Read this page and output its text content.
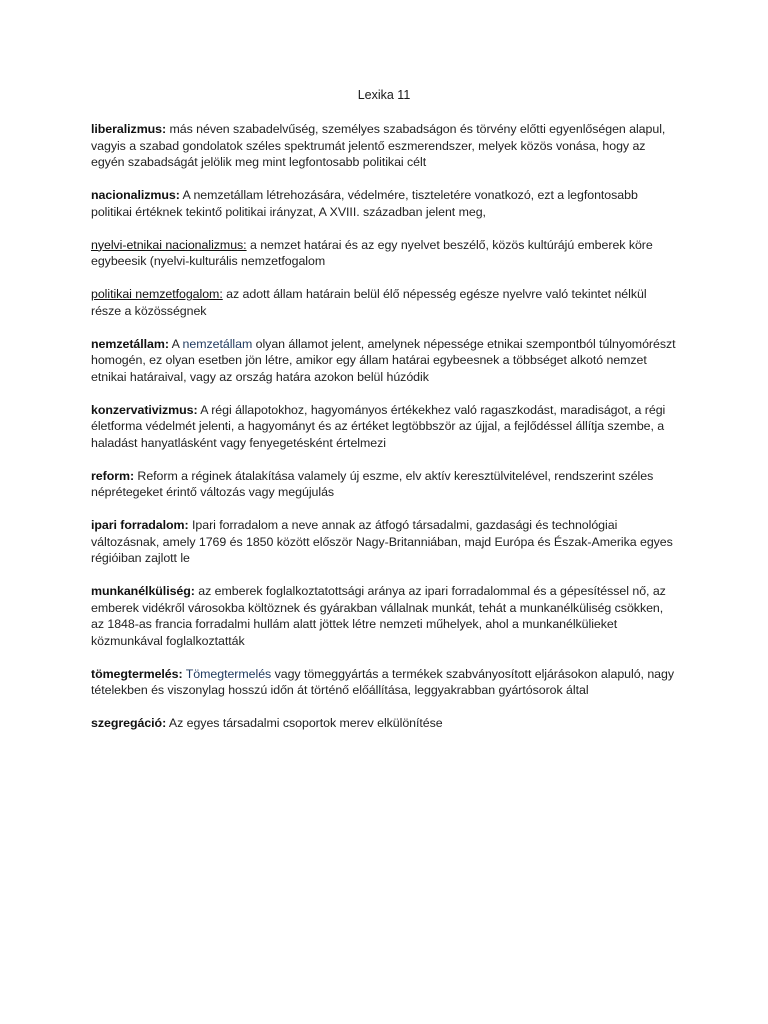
Lexika 11

liberalizmus: más néven szabadelvűség, személyes szabadságon és törvény előtti egyenlőségen alapul, vagyis a szabad gondolatok széles spektrumát jelentő eszmerendszer, melyek közös vonása, hogy az egyén szabadságát jelölik meg mint legfontosabb politikai célt

nacionalizmus: A nemzetállam létrehozására, védelmére, tiszteletére vonatkozó, ezt a legfontosabb politikai értéknek tekintő politikai irányzat, A XVIII. században jelent meg,

nyelvi-etnikai nacionalizmus: a nemzet határai és az egy nyelvet beszélő, közös kultúrájú emberek köre egybeesik (nyelvi-kulturális nemzetfogalom

politikai nemzetfogalom: az adott állam határain belül élő népesség egésze nyelvre való tekintet nélkül része a közösségnek

nemzetállam: A nemzetállam olyan államot jelent, amelynek népessége etnikai szempontból túlnyomórészt homogén, ez olyan esetben jön létre, amikor egy állam határai egybeesnek a többséget alkotó nemzet etnikai határaival, vagy az ország határa azokon belül húzódik

konzervativizmus: A régi állapotokhoz, hagyományos értékekhez való ragaszkodást, maradiságot, a régi életforma védelmét jelenti, a hagyományt és az értéket legtöbbször az újjal, a fejlődéssel állítja szembe, a haladást hanyatlásként vagy fenyegetésként értelmezi

reform: Reform a réginek átalakítása valamely új eszme, elv aktív keresztülvitelével, rendszerint széles néprétegeket érintő változás vagy megújulás

ipari forradalom: Ipari forradalom a neve annak az átfogó társadalmi, gazdasági és technológiai változásnak, amely 1769 és 1850 között először Nagy-Britanniában, majd Európa és Észak-Amerika egyes régióiban zajlott le

munkanélküliség: az emberek foglalkoztatottsági aránya az ipari forradalommal és a gépesítéssel nő, az emberek vidékről városokba költöznek és gyárakban vállalnak munkát, tehát a munkanélküliség csökken, az 1848-as francia forradalmi hullám alatt jöttek létre nemzeti műhelyek, ahol a munkanélkülieket közmunkával foglalkoztatták

tömegtermelés: Tömegtermelés vagy tömeggyártás a termékek szabványosított eljárásokon alapuló, nagy tételekben és viszonylag hosszú időn át történő előállítása, leggyakrabban gyártósorok által

szegregáció: Az egyes társadalmi csoportok merev elkülönítése
